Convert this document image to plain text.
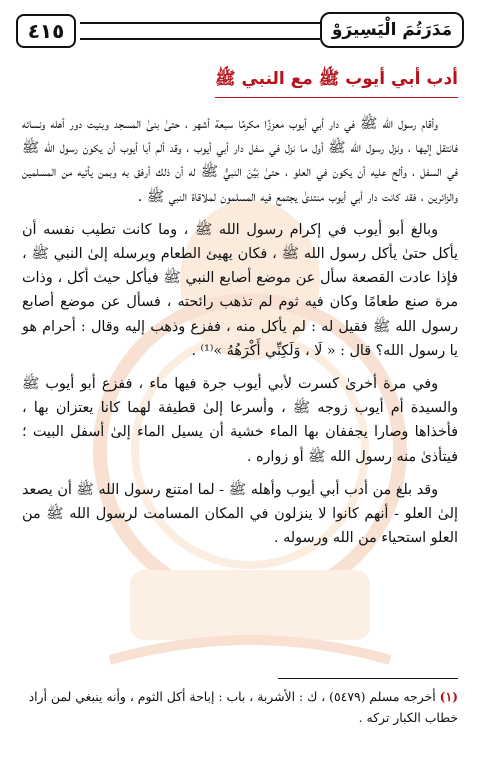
٤١٥	مَدَرَتُمَ الْيَسِيرَوْ
أدب أبي أيوب ﷺ مع النبي ﷺ

وأقام رسول الله ﷺ في دار أبي أيوب معززًا مكرمًا سبعة أشهر ، حتىٰ بنیٰ المسجد وبنيت دور أهله ونسائه فانتقل إليها ، ونزل رسول الله ﷺ أول ما نزل في سفل دار أبي أيوب ، وقد ألم أبا أيوب أن يكون رسول الله ﷺ في السفل ، وألح عليه أن يكون في العلو ، حتىٰ بَيَّنَ النبيُّ ﷺ له أن ذلك أرفق به وبمن يأتيه من المسلمين والزائرين ، فقد كانت دار أبي أيوب منتدىٰ يجتمع فيه المسلمون لملاقاة النبي ﷺ .

وبالغ أبو أيوب في إكرام رسول الله ﷺ ، وما كانت تطيب نفسه أن يأكل حتىٰ يأكل رسول الله ﷺ ، فكان يهيئ الطعام ويرسله إلىٰ النبي ﷺ ، فإذا عادت القصعة سأل عن موضع أصابع النبي ﷺ فيأكل حيث أكل ، وذات مرة صنع طعامًا وكان فيه ثوم لم تذهب رائحته ، فسأل عن موضع أصابع رسول الله ﷺ فقيل له : لم يأكل منه ، ففزع وذهب إليه وقال : أحرام هو يا رسول الله؟ قال : « لَا ، وَلَكِنِّي أَكْرَهُهُ »⁽¹⁾ .

وفي مرة أخرىٰ كسرت لأبي أيوب جرة فيها ماء ، ففزع أبو أيوب ﷺ والسيدة أم أيوب زوجه ﷺ ، وأسرعا إلىٰ قطيفة لهما كانا يعتزان بها ، فأخذاها وصارا يجففان بها الماء خشية أن يسيل الماء إلىٰ أسفل البيت ؛ فيتأذىٰ منه رسول الله ﷺ أو زواره .

وقد بلغ من أدب أبي أيوب وأهله ﷺ - لما امتنع رسول الله ﷺ أن يصعد إلىٰ العلو - أنهم كانوا لا ينزلون في المكان المسامت لرسول الله ﷺ من العلو استحياء من الله ورسوله .

(١) أخرجه مسلم (٥٤٧٩) ، ك : الأشربة ، باب : إباحة أكل الثوم ، وأنه ينبغي لمن أراد خطاب الكبار تركه .
